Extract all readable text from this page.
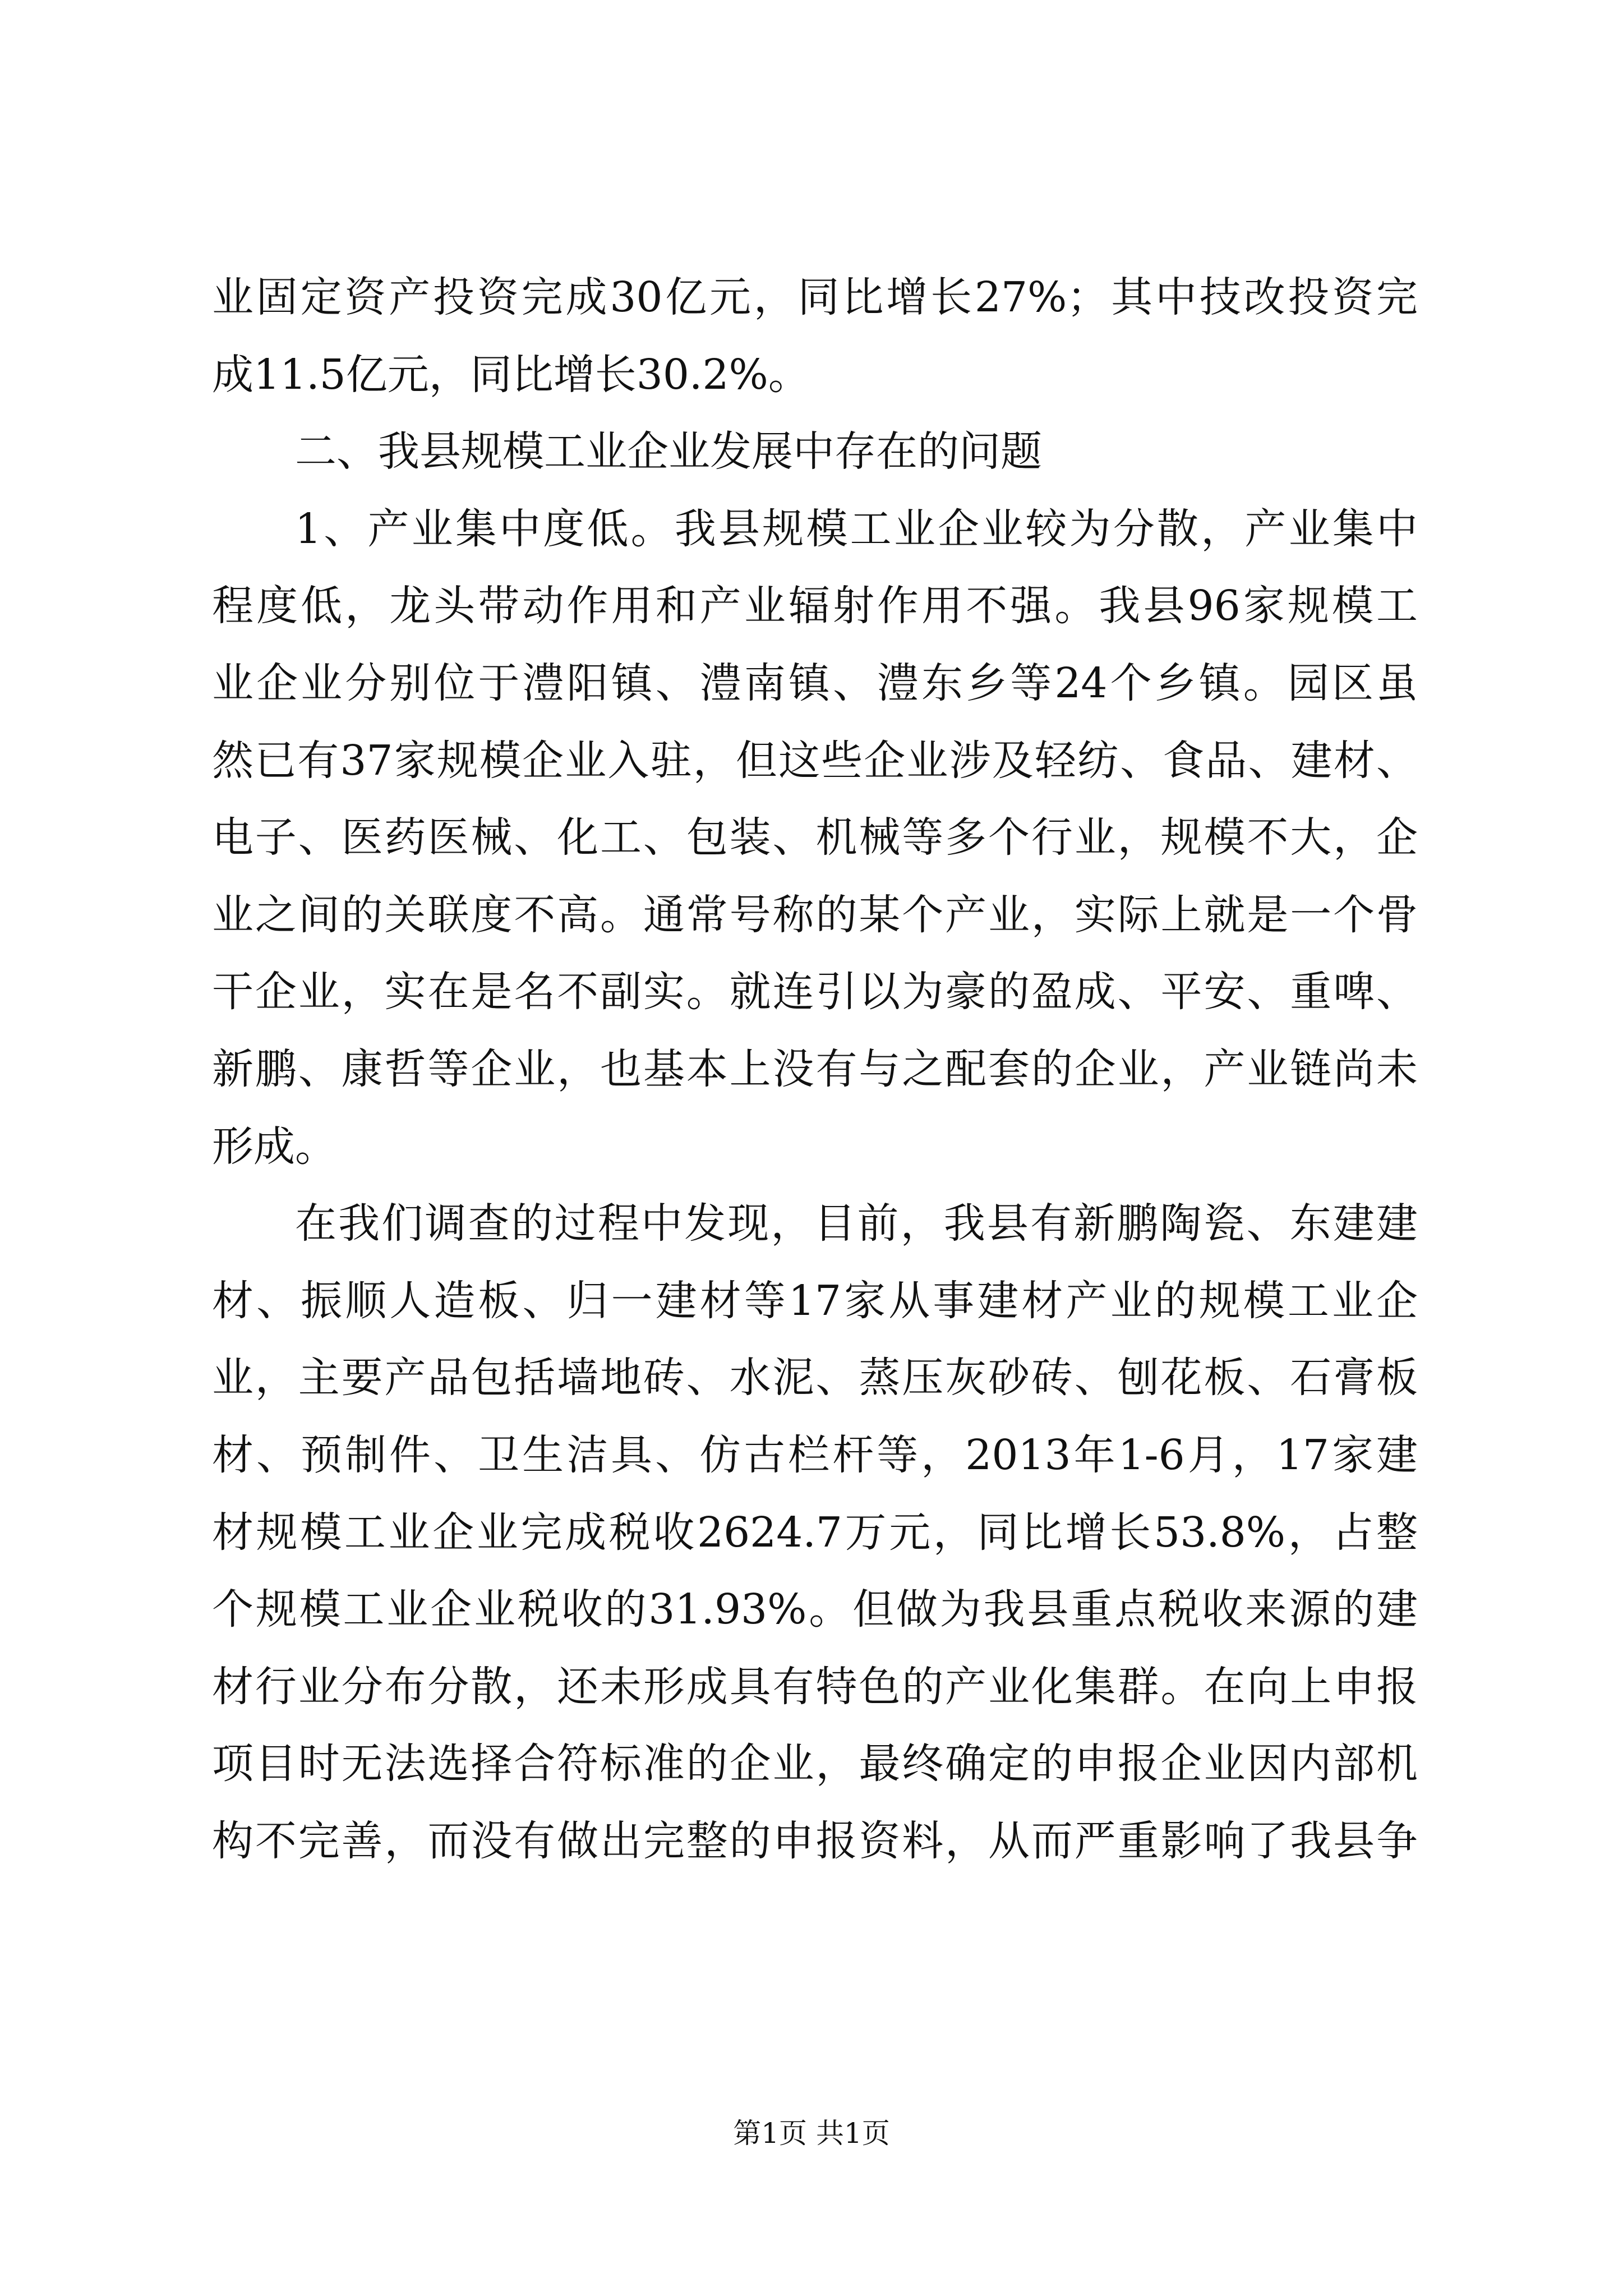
业固定资产投资完成30亿元，同比增长27%；其中技改投资完
成11.5亿元，同比增长30.2%。
二、我县规模工业企业发展中存在的问题
1、产业集中度低。我县规模工业企业较为分散，产业集中
程度低，龙头带动作用和产业辐射作用不强。我县96家规模工
业企业分别位于澧阳镇、澧南镇、澧东乡等24个乡镇。园区虽
然已有37家规模企业入驻，但这些企业涉及轻纺、食品、建材、
电子、医药医械、化工、包装、机械等多个行业，规模不大，企
业之间的关联度不高。通常号称的某个产业，实际上就是一个骨
干企业，实在是名不副实。就连引以为豪的盈成、平安、重啤、
新鹏、康哲等企业，也基本上没有与之配套的企业，产业链尚未
形成。
在我们调查的过程中发现，目前，我县有新鹏陶瓷、东建建
材、振顺人造板、归一建材等17家从事建材产业的规模工业企
业，主要产品包括墙地砖、水泥、蒸压灰砂砖、刨花板、石膏板
材、预制件、卫生洁具、仿古栏杆等，2013年1-6月，17家建
材规模工业企业完成税收2624.7万元，同比增长53.8%，占整
个规模工业企业税收的31.93%。但做为我县重点税收来源的建
材行业分布分散，还未形成具有特色的产业化集群。在向上申报
项目时无法选择合符标准的企业，最终确定的申报企业因内部机
构不完善，而没有做出完整的申报资料，从而严重影响了我县争
第1页 共1页
